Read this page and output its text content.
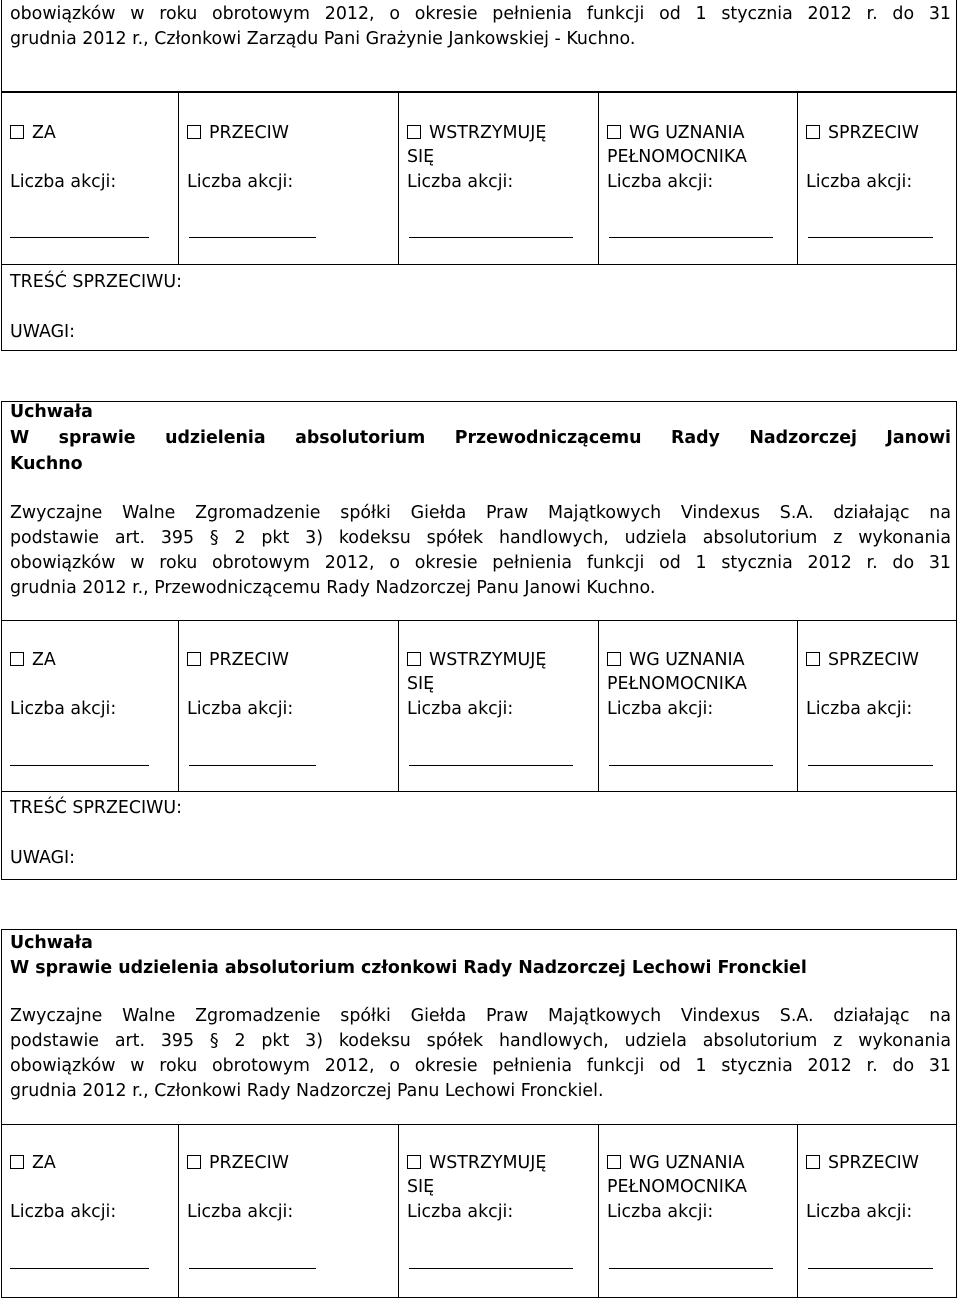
obowiązków w roku obrotowym 2012, o okresie pełnienia funkcji od 1 stycznia 2012 r. do 31
grudnia 2012 r., Członkowi Zarządu Pani Grażynie Jankowskiej - Kuchno.
ZA
Liczba akcji:
PRZECIW
Liczba akcji:
WSTRZYMUJĘ
SIĘ
Liczba akcji:
WG UZNANIA
PEŁNOMOCNIKA
Liczba akcji:
SPRZECIW
Liczba akcji:
TREŚĆ SPRZECIWU:
UWAGI:
Uchwała
W sprawie udzielenia absolutorium Przewodniczącemu Rady Nadzorczej Janowi
Kuchno
Zwyczajne Walne Zgromadzenie spółki Giełda Praw Majątkowych Vindexus S.A. działając na
podstawie art. 395 § 2 pkt 3) kodeksu spółek handlowych, udziela absolutorium z wykonania
obowiązków w roku obrotowym 2012, o okresie pełnienia funkcji od 1 stycznia 2012 r. do 31
grudnia 2012 r., Przewodniczącemu Rady Nadzorczej Panu Janowi Kuchno.
ZA
Liczba akcji:
PRZECIW
Liczba akcji:
WSTRZYMUJĘ
SIĘ
Liczba akcji:
WG UZNANIA
PEŁNOMOCNIKA
Liczba akcji:
SPRZECIW
Liczba akcji:
TREŚĆ SPRZECIWU:
UWAGI:
Uchwała
W sprawie udzielenia absolutorium członkowi Rady Nadzorczej Lechowi Fronckiel
Zwyczajne Walne Zgromadzenie spółki Giełda Praw Majątkowych Vindexus S.A. działając na
podstawie art. 395 § 2 pkt 3) kodeksu spółek handlowych, udziela absolutorium z wykonania
obowiązków w roku obrotowym 2012, o okresie pełnienia funkcji od 1 stycznia 2012 r. do 31
grudnia 2012 r., Członkowi Rady Nadzorczej Panu Lechowi Fronckiel.
ZA
Liczba akcji:
PRZECIW
Liczba akcji:
WSTRZYMUJĘ
SIĘ
Liczba akcji:
WG UZNANIA
PEŁNOMOCNIKA
Liczba akcji:
SPRZECIW
Liczba akcji:
